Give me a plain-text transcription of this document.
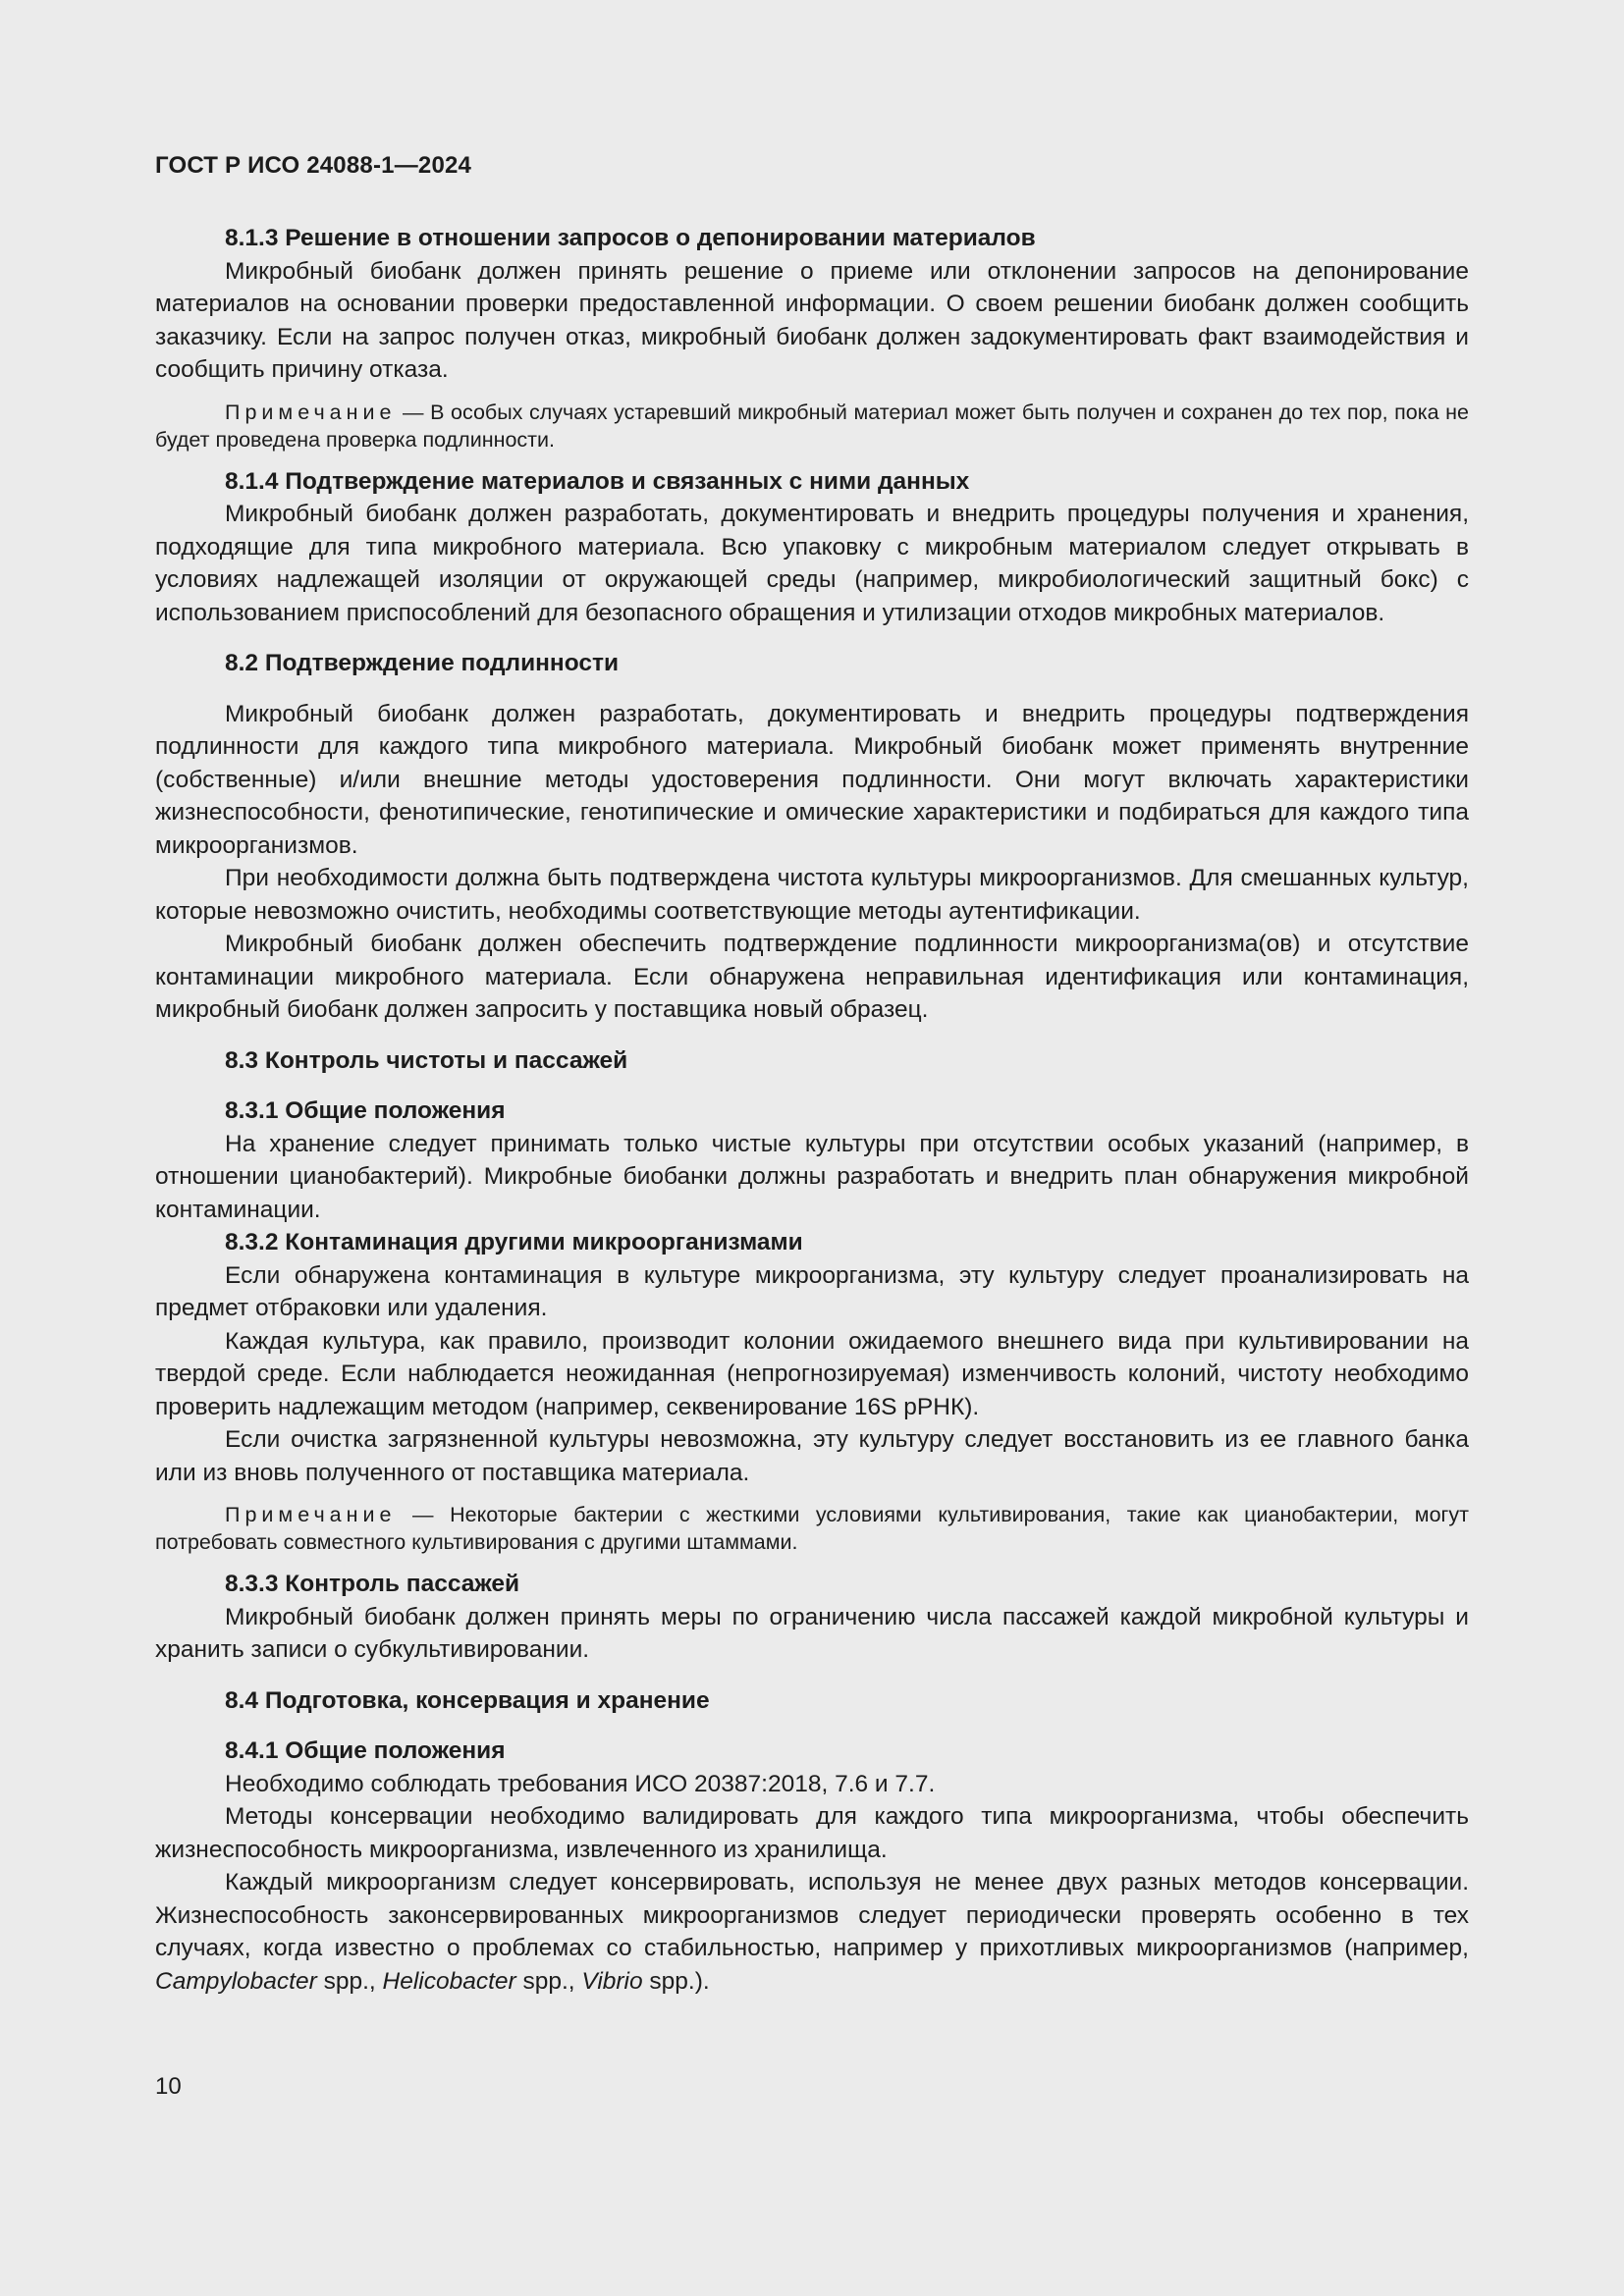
ГОСТ Р ИСО 24088-1—2024

8.1.3 Решение в отношении запросов о депонировании материалов

Микробный биобанк должен принять решение о приеме или отклонении запросов на депонирование материалов на основании проверки предоставленной информации. О своем решении биобанк должен сообщить заказчику. Если на запрос получен отказ, микробный биобанк должен задокументировать факт взаимодействия и сообщить причину отказа.

Примечание — В особых случаях устаревший микробный материал может быть получен и сохранен до тех пор, пока не будет проведена проверка подлинности.

8.1.4 Подтверждение материалов и связанных с ними данных

Микробный биобанк должен разработать, документировать и внедрить процедуры получения и хранения, подходящие для типа микробного материала. Всю упаковку с микробным материалом следует открывать в условиях надлежащей изоляции от окружающей среды (например, микробиологический защитный бокс) с использованием приспособлений для безопасного обращения и утилизации отходов микробных материалов.

8.2 Подтверждение подлинности

Микробный биобанк должен разработать, документировать и внедрить процедуры подтверждения подлинности для каждого типа микробного материала. Микробный биобанк может применять внутренние (собственные) и/или внешние методы удостоверения подлинности. Они могут включать характеристики жизнеспособности, фенотипические, генотипические и омические характеристики и подбираться для каждого типа микроорганизмов.

При необходимости должна быть подтверждена чистота культуры микроорганизмов. Для смешанных культур, которые невозможно очистить, необходимы соответствующие методы аутентификации.

Микробный биобанк должен обеспечить подтверждение подлинности микроорганизма(ов) и отсутствие контаминации микробного материала. Если обнаружена неправильная идентификация или контаминация, микробный биобанк должен запросить у поставщика новый образец.

8.3 Контроль чистоты и пассажей

8.3.1 Общие положения

На хранение следует принимать только чистые культуры при отсутствии особых указаний (например, в отношении цианобактерий). Микробные биобанки должны разработать и внедрить план обнаружения микробной контаминации.

8.3.2 Контаминация другими микроорганизмами

Если обнаружена контаминация в культуре микроорганизма, эту культуру следует проанализировать на предмет отбраковки или удаления.

Каждая культура, как правило, производит колонии ожидаемого внешнего вида при культивировании на твердой среде. Если наблюдается неожиданная (непрогнозируемая) изменчивость колоний, чистоту необходимо проверить надлежащим методом (например, секвенирование 16S рРНК).

Если очистка загрязненной культуры невозможна, эту культуру следует восстановить из ее главного банка или из вновь полученного от поставщика материала.

Примечание — Некоторые бактерии с жесткими условиями культивирования, такие как цианобактерии, могут потребовать совместного культивирования с другими штаммами.

8.3.3 Контроль пассажей

Микробный биобанк должен принять меры по ограничению числа пассажей каждой микробной культуры и хранить записи о субкультивировании.

8.4 Подготовка, консервация и хранение

8.4.1 Общие положения

Необходимо соблюдать требования ИСО 20387:2018, 7.6 и 7.7.

Методы консервации необходимо валидировать для каждого типа микроорганизма, чтобы обеспечить жизнеспособность микроорганизма, извлеченного из хранилища.

Каждый микроорганизм следует консервировать, используя не менее двух разных методов консервации. Жизнеспособность законсервированных микроорганизмов следует периодически проверять особенно в тех случаях, когда известно о проблемах со стабильностью, например у прихотливых микроорганизмов (например, Campylobacter spp., Helicobacter spp., Vibrio spp.).

10
